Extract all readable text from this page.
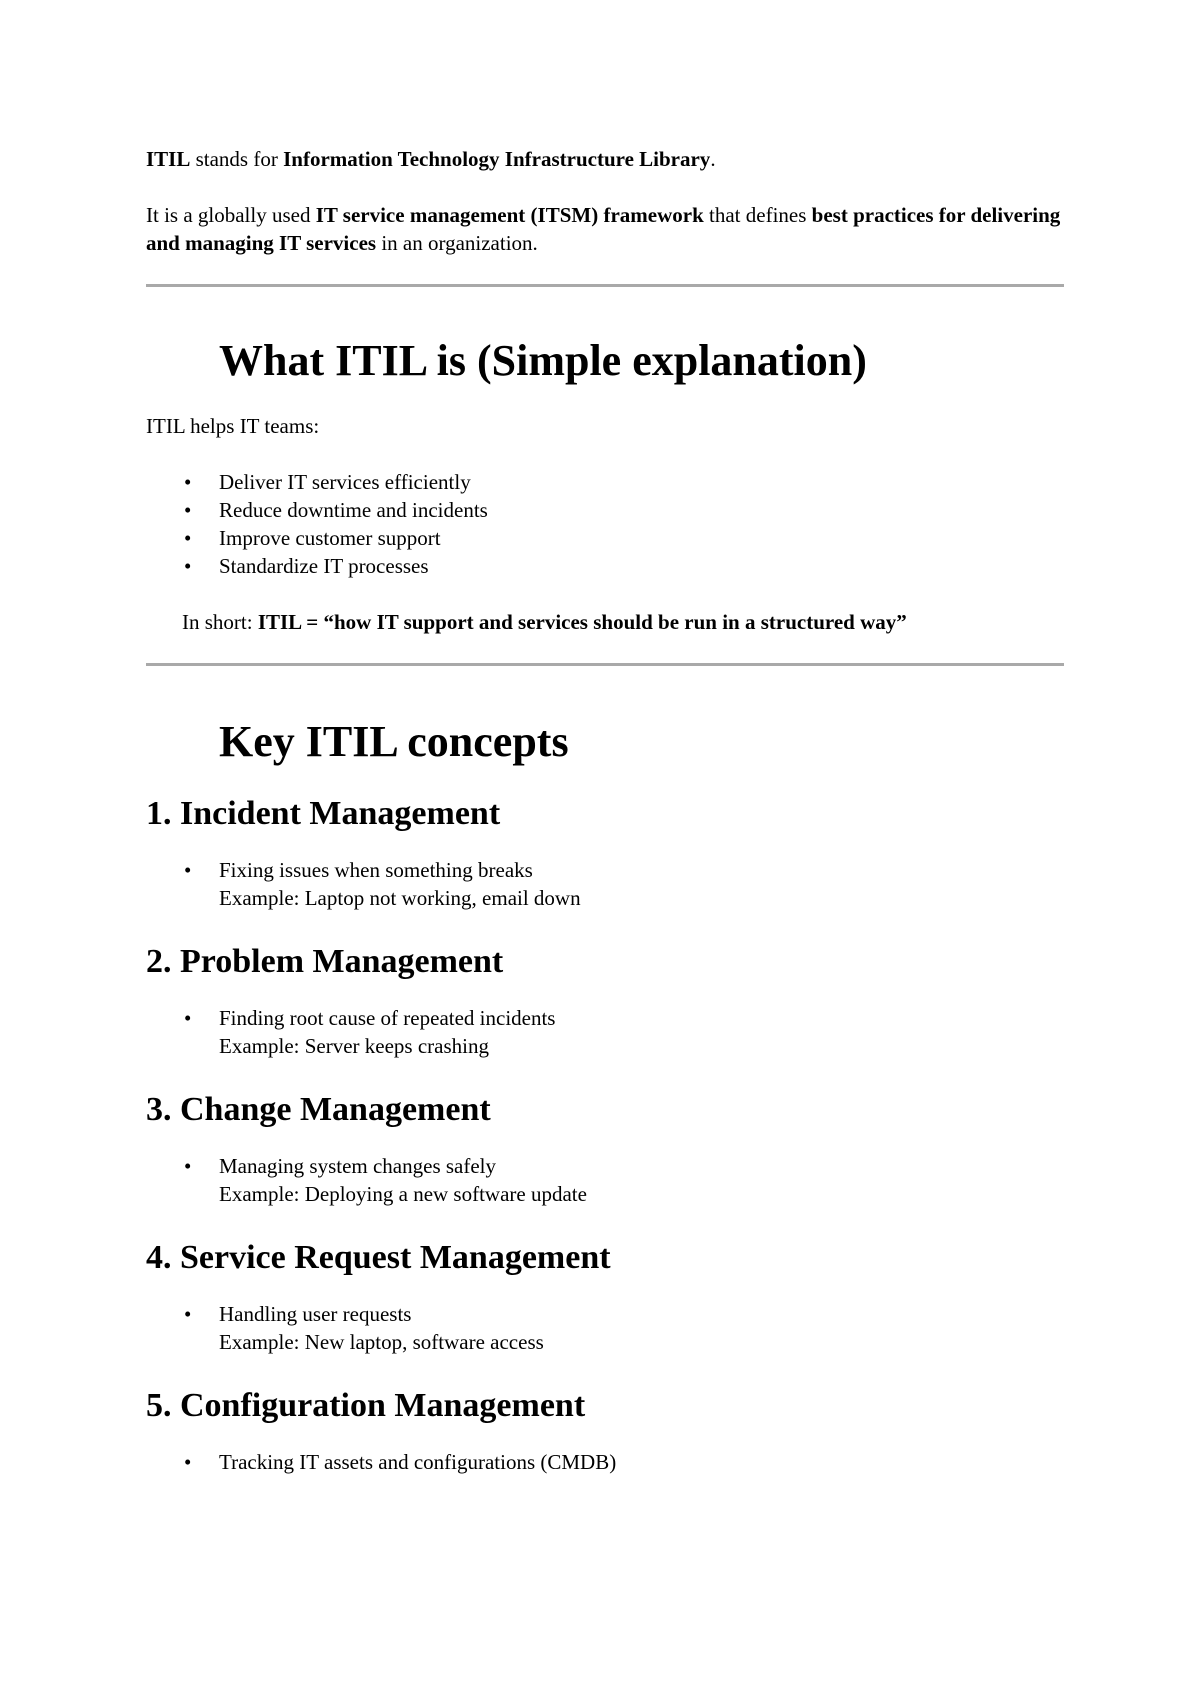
ITIL stands for Information Technology Infrastructure Library.

It is a globally used IT service management (ITSM) framework that defines best practices for delivering and managing IT services in an organization.

What ITIL is (Simple explanation)

ITIL helps IT teams:

• Deliver IT services efficiently
• Reduce downtime and incidents
• Improve customer support
• Standardize IT processes

In short: ITIL = “how IT support and services should be run in a structured way”

Key ITIL concepts
1. Incident Management
• Fixing issues when something breaks
Example: Laptop not working, email down
2. Problem Management
• Finding root cause of repeated incidents
Example: Server keeps crashing
3. Change Management
• Managing system changes safely
Example: Deploying a new software update
4. Service Request Management
• Handling user requests
Example: New laptop, software access
5. Configuration Management
• Tracking IT assets and configurations (CMDB)
